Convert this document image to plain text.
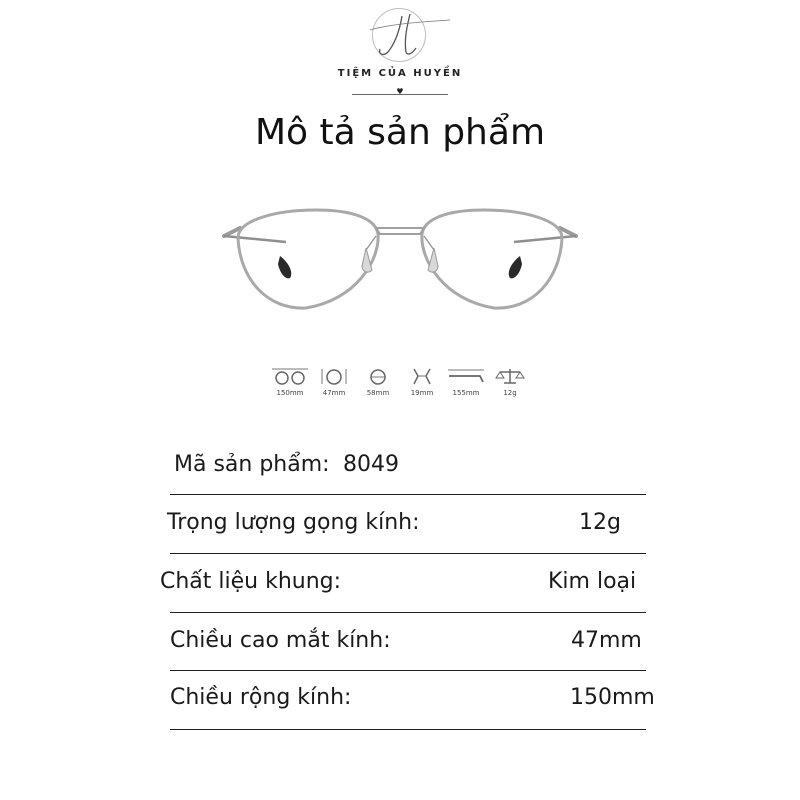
TIỆM CỦA HUYỀN
♥
Mô tả sản phẩm
150mm	47mm	58mm	19mm	155mm	12g
Mã sản phẩm: 8049
Trọng lượng gọng kính:	12g
Chất liệu khung:	Kim loại
Chiều cao mắt kính:	47mm
Chiều rộng kính:	150mm
